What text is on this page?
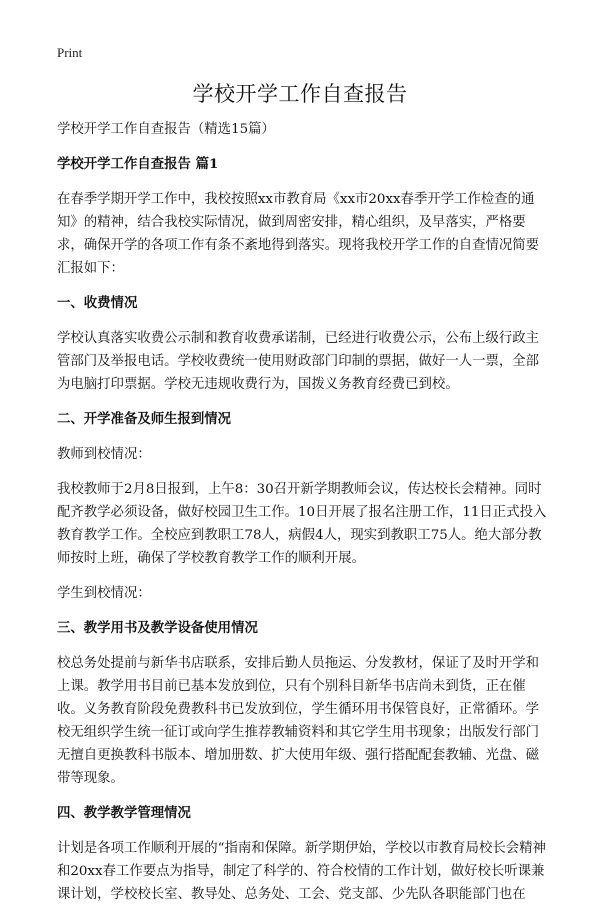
Print
学校开学工作自查报告

学校开学工作自查报告（精选15篇）

学校开学工作自查报告 篇1

在春季学期开学工作中，我校按照xx市教育局《xx市20xx春季开学工作检查的通知》的精神，结合我校实际情况，做到周密安排，精心组织，及早落实，严格要求，确保开学的各项工作有条不紊地得到落实。现将我校开学工作的自查情况简要汇报如下：

一、收费情况

学校认真落实收费公示制和教育收费承诺制，已经进行收费公示，公布上级行政主管部门及举报电话。学校收费统一使用财政部门印制的票据，做好一人一票，全部为电脑打印票据。学校无违规收费行为，国拨义务教育经费已到校。

二、开学准备及师生报到情况

教师到校情况：

我校教师于2月8日报到，上午8：30召开新学期教师会议，传达校长会精神。同时配齐教学必须设备，做好校园卫生工作。10日开展了报名注册工作，11日正式投入教育教学工作。全校应到教职工78人，病假4人，现实到教职工75人。绝大部分教师按时上班，确保了学校教育教学工作的顺利开展。

学生到校情况：

三、教学用书及教学设备使用情况

校总务处提前与新华书店联系，安排后勤人员拖运、分发教材，保证了及时开学和上课。教学用书目前已基本发放到位，只有个别科目新华书店尚未到货，正在催收。义务教育阶段免费教科书已发放到位，学生循环用书保管良好，正常循环。学校无组织学生统一征订或向学生推荐教辅资料和其它学生用书现象；出版发行部门无擅自更换教科书版本、增加册数、扩大使用年级、强行搭配配套教辅、光盘、磁带等现象。

四、教学教学管理情况

计划是各项工作顺利开展的“指南和保障。新学期伊始，学校以市教育局校长会精神和20xx春工作要点为指导，制定了科学的、符合校情的工作计划，做好校长听课兼课计划，学校校长室、教导处、总务处、工会、党支部、少先队各职能部门也在
